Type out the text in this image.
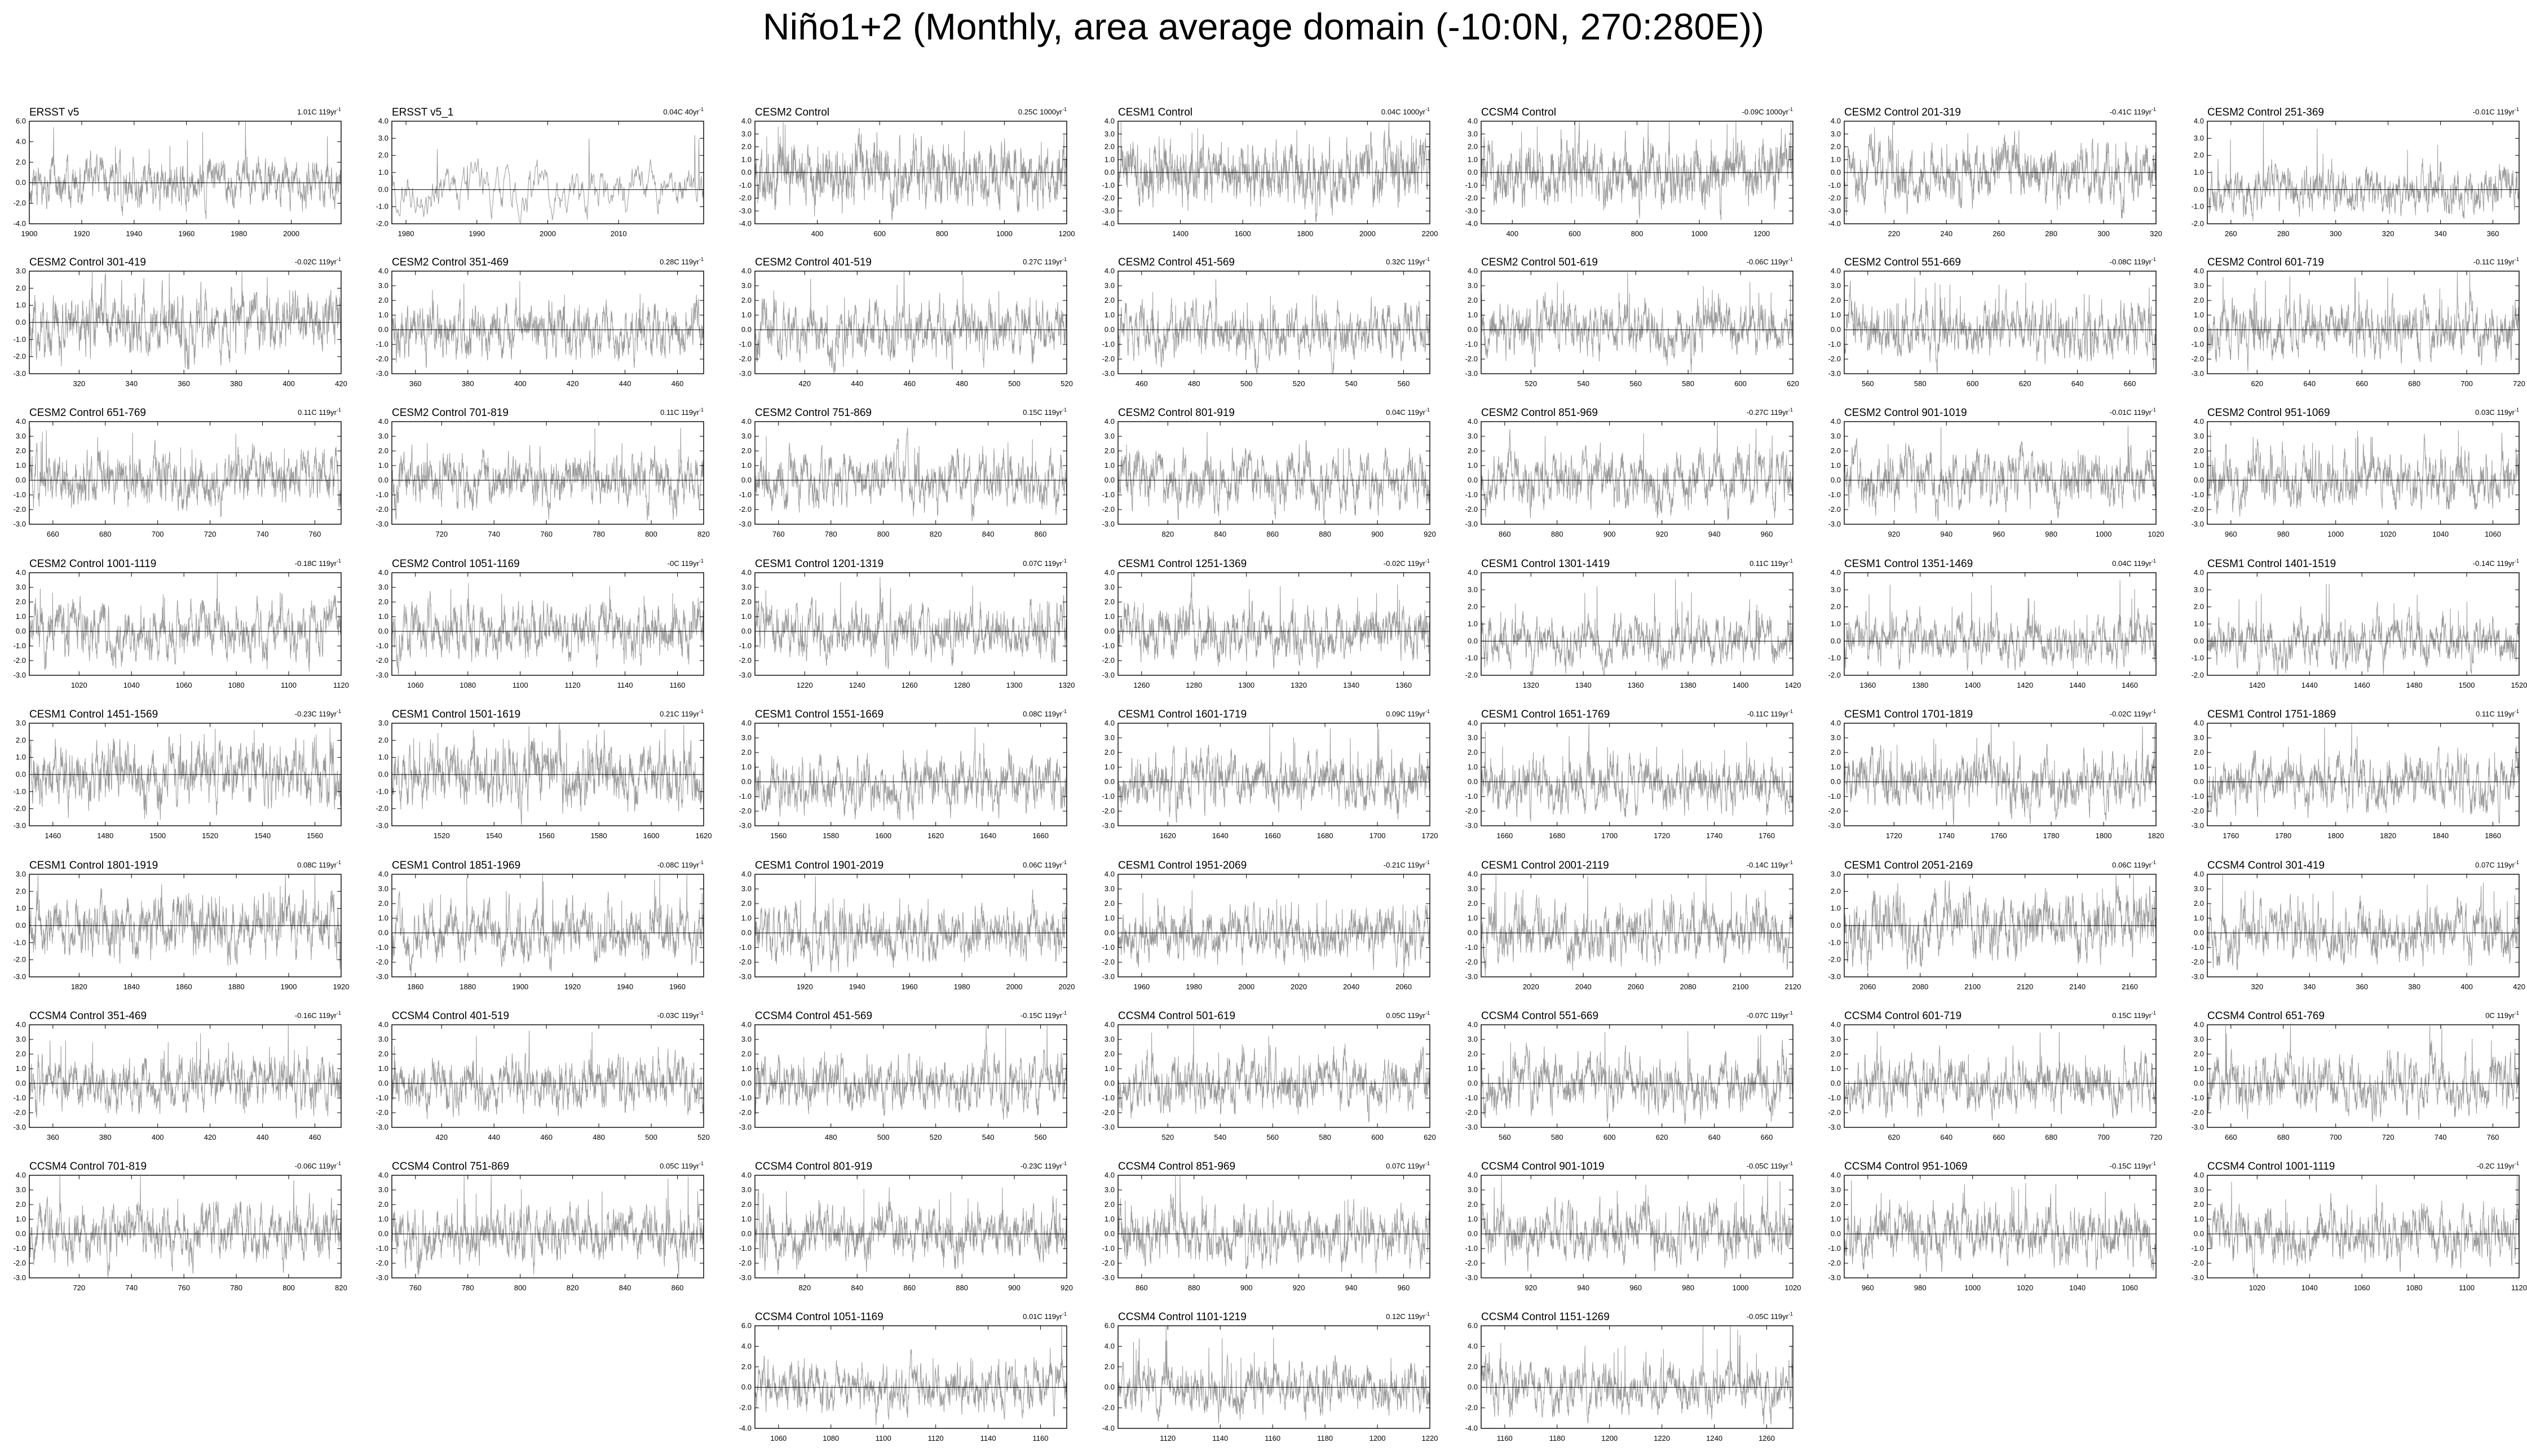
Niño1+2 (Monthly, area average domain (-10:0N, 270:280E))
ERSST v5	1.01C $119yr^{-1}$
-4.0
-2.0
0.0
2.0
4.0
6.0
1900	1920	1940	1960	1980	2000
ERSST v5_1	0.04C $40yr^{-1}$
-2.0
-1.0
0.0
1.0
2.0
3.0
4.0
1980	1990	2000	2010
CESM2 Control	0.25C $1000yr^{-1}$
-4.0
-3.0
-2.0
-1.0
0.0
1.0
2.0
3.0
4.0
400	600	800	1000	1200
CESM1 Control	0.04C $1000yr^{-1}$
-4.0
-3.0
-2.0
-1.0
0.0
1.0
2.0
3.0
4.0
1400	1600	1800	2000	2200
CCSM4 Control	-0.09C $1000yr^{-1}$
-4.0
-3.0
-2.0
-1.0
0.0
1.0
2.0
3.0
4.0
400	600	800	1000	1200
CESM2 Control 201-319	-0.41C $119yr^{-1}$
-4.0
-3.0
-2.0
-1.0
0.0
1.0
2.0
3.0
4.0
220	240	260	280	300	320
CESM2 Control 251-369	-0.01C $119yr^{-1}$
-2.0
-1.0
0.0
1.0
2.0
3.0
4.0
260	280	300	320	340	360
CESM2 Control 301-419	-0.02C $119yr^{-1}$
-3.0
-2.0
-1.0
0.0
1.0
2.0
3.0
320	340	360	380	400	420
CESM2 Control 351-469	0.28C $119yr^{-1}$
-3.0
-2.0
-1.0
0.0
1.0
2.0
3.0
4.0
360	380	400	420	440	460
CESM2 Control 401-519	0.27C $119yr^{-1}$
-3.0
-2.0
-1.0
0.0
1.0
2.0
3.0
4.0
420	440	460	480	500	520
CESM2 Control 451-569	0.32C $119yr^{-1}$
-3.0
-2.0
-1.0
0.0
1.0
2.0
3.0
4.0
460	480	500	520	540	560
CESM2 Control 501-619	-0.06C $119yr^{-1}$
-3.0
-2.0
-1.0
0.0
1.0
2.0
3.0
4.0
520	540	560	580	600	620
CESM2 Control 551-669	-0.08C $119yr^{-1}$
-3.0
-2.0
-1.0
0.0
1.0
2.0
3.0
4.0
560	580	600	620	640	660
CESM2 Control 601-719	-0.11C $119yr^{-1}$
-3.0
-2.0
-1.0
0.0
1.0
2.0
3.0
4.0
620	640	660	680	700	720
CESM2 Control 651-769	0.11C $119yr^{-1}$
-3.0
-2.0
-1.0
0.0
1.0
2.0
3.0
4.0
660	680	700	720	740	760
CESM2 Control 701-819	0.11C $119yr^{-1}$
-3.0
-2.0
-1.0
0.0
1.0
2.0
3.0
4.0
720	740	760	780	800	820
CESM2 Control 751-869	0.15C $119yr^{-1}$
-3.0
-2.0
-1.0
0.0
1.0
2.0
3.0
4.0
760	780	800	820	840	860
CESM2 Control 801-919	0.04C $119yr^{-1}$
-3.0
-2.0
-1.0
0.0
1.0
2.0
3.0
4.0
820	840	860	880	900	920
CESM2 Control 851-969	-0.27C $119yr^{-1}$
-3.0
-2.0
-1.0
0.0
1.0
2.0
3.0
4.0
860	880	900	920	940	960
CESM2 Control 901-1019	-0.01C $119yr^{-1}$
-3.0
-2.0
-1.0
0.0
1.0
2.0
3.0
4.0
920	940	960	980	1000	1020
CESM2 Control 951-1069	0.03C $119yr^{-1}$
-3.0
-2.0
-1.0
0.0
1.0
2.0
3.0
4.0
960	980	1000	1020	1040	1060
CESM2 Control 1001-1119	-0.18C $119yr^{-1}$
-3.0
-2.0
-1.0
0.0
1.0
2.0
3.0
4.0
1020	1040	1060	1080	1100	1120
CESM2 Control 1051-1169	-0C $119yr^{-1}$
-3.0
-2.0
-1.0
0.0
1.0
2.0
3.0
4.0
1060	1080	1100	1120	1140	1160
CESM1 Control 1201-1319	0.07C $119yr^{-1}$
-3.0
-2.0
-1.0
0.0
1.0
2.0
3.0
4.0
1220	1240	1260	1280	1300	1320
CESM1 Control 1251-1369	-0.02C $119yr^{-1}$
-3.0
-2.0
-1.0
0.0
1.0
2.0
3.0
4.0
1260	1280	1300	1320	1340	1360
CESM1 Control 1301-1419	0.11C $119yr^{-1}$
-2.0
-1.0
0.0
1.0
2.0
3.0
4.0
1320	1340	1360	1380	1400	1420
CESM1 Control 1351-1469	0.04C $119yr^{-1}$
-2.0
-1.0
0.0
1.0
2.0
3.0
4.0
1360	1380	1400	1420	1440	1460
CESM1 Control 1401-1519	-0.14C $119yr^{-1}$
-2.0
-1.0
0.0
1.0
2.0
3.0
4.0
1420	1440	1460	1480	1500	1520
CESM1 Control 1451-1569	-0.23C $119yr^{-1}$
-3.0
-2.0
-1.0
0.0
1.0
2.0
3.0
1460	1480	1500	1520	1540	1560
CESM1 Control 1501-1619	0.21C $119yr^{-1}$
-3.0
-2.0
-1.0
0.0
1.0
2.0
3.0
1520	1540	1560	1580	1600	1620
CESM1 Control 1551-1669	0.08C $119yr^{-1}$
-3.0
-2.0
-1.0
0.0
1.0
2.0
3.0
4.0
1560	1580	1600	1620	1640	1660
CESM1 Control 1601-1719	0.09C $119yr^{-1}$
-3.0
-2.0
-1.0
0.0
1.0
2.0
3.0
4.0
1620	1640	1660	1680	1700	1720
CESM1 Control 1651-1769	-0.11C $119yr^{-1}$
-3.0
-2.0
-1.0
0.0
1.0
2.0
3.0
4.0
1660	1680	1700	1720	1740	1760
CESM1 Control 1701-1819	-0.02C $119yr^{-1}$
-3.0
-2.0
-1.0
0.0
1.0
2.0
3.0
4.0
1720	1740	1760	1780	1800	1820
CESM1 Control 1751-1869	0.11C $119yr^{-1}$
-3.0
-2.0
-1.0
0.0
1.0
2.0
3.0
4.0
1760	1780	1800	1820	1840	1860
CESM1 Control 1801-1919	0.08C $119yr^{-1}$
-3.0
-2.0
-1.0
0.0
1.0
2.0
3.0
1820	1840	1860	1880	1900	1920
CESM1 Control 1851-1969	-0.08C $119yr^{-1}$
-3.0
-2.0
-1.0
0.0
1.0
2.0
3.0
4.0
1860	1880	1900	1920	1940	1960
CESM1 Control 1901-2019	0.06C $119yr^{-1}$
-3.0
-2.0
-1.0
0.0
1.0
2.0
3.0
4.0
1920	1940	1960	1980	2000	2020
CESM1 Control 1951-2069	-0.21C $119yr^{-1}$
-3.0
-2.0
-1.0
0.0
1.0
2.0
3.0
4.0
1960	1980	2000	2020	2040	2060
CESM1 Control 2001-2119	-0.14C $119yr^{-1}$
-3.0
-2.0
-1.0
0.0
1.0
2.0
3.0
4.0
2020	2040	2060	2080	2100	2120
CESM1 Control 2051-2169	0.06C $119yr^{-1}$
-3.0
-2.0
-1.0
0.0
1.0
2.0
3.0
2060	2080	2100	2120	2140	2160
CCSM4 Control 301-419	0.07C $119yr^{-1}$
-3.0
-2.0
-1.0
0.0
1.0
2.0
3.0
4.0
320	340	360	380	400	420
CCSM4 Control 351-469	-0.16C $119yr^{-1}$
-3.0
-2.0
-1.0
0.0
1.0
2.0
3.0
4.0
360	380	400	420	440	460
CCSM4 Control 401-519	-0.03C $119yr^{-1}$
-3.0
-2.0
-1.0
0.0
1.0
2.0
3.0
4.0
420	440	460	480	500	520
CCSM4 Control 451-569	-0.15C $119yr^{-1}$
-3.0
-2.0
-1.0
0.0
1.0
2.0
3.0
4.0
480	500	520	540	560
CCSM4 Control 501-619	0.05C $119yr^{-1}$
-3.0
-2.0
-1.0
0.0
1.0
2.0
3.0
4.0
520	540	560	580	600	620
CCSM4 Control 551-669	-0.07C $119yr^{-1}$
-3.0
-2.0
-1.0
0.0
1.0
2.0
3.0
4.0
560	580	600	620	640	660
CCSM4 Control 601-719	0.15C $119yr^{-1}$
-3.0
-2.0
-1.0
0.0
1.0
2.0
3.0
4.0
620	640	660	680	700	720
CCSM4 Control 651-769	0C $119yr^{-1}$
-3.0
-2.0
-1.0
0.0
1.0
2.0
3.0
4.0
660	680	700	720	740	760
CCSM4 Control 701-819	-0.06C $119yr^{-1}$
-3.0
-2.0
-1.0
0.0
1.0
2.0
3.0
4.0
720	740	760	780	800	820
CCSM4 Control 751-869	0.05C $119yr^{-1}$
-3.0
-2.0
-1.0
0.0
1.0
2.0
3.0
4.0
760	780	800	820	840	860
CCSM4 Control 801-919	-0.23C $119yr^{-1}$
-3.0
-2.0
-1.0
0.0
1.0
2.0
3.0
4.0
820	840	860	880	900	920
CCSM4 Control 851-969	0.07C $119yr^{-1}$
-3.0
-2.0
-1.0
0.0
1.0
2.0
3.0
4.0
860	880	900	920	940	960
CCSM4 Control 901-1019	-0.05C $119yr^{-1}$
-3.0
-2.0
-1.0
0.0
1.0
2.0
3.0
4.0
920	940	960	980	1000	1020
CCSM4 Control 951-1069	-0.15C $119yr^{-1}$
-3.0
-2.0
-1.0
0.0
1.0
2.0
3.0
4.0
960	980	1000	1020	1040	1060
CCSM4 Control 1001-1119	-0.2C $119yr^{-1}$
-3.0
-2.0
-1.0
0.0
1.0
2.0
3.0
4.0
1020	1040	1060	1080	1100	1120
CCSM4 Control 1051-1169	0.01C $119yr^{-1}$
-4.0
-2.0
0.0
2.0
4.0
6.0
1060	1080	1100	1120	1140	1160
CCSM4 Control 1101-1219	0.12C $119yr^{-1}$
-4.0
-2.0
0.0
2.0
4.0
6.0
1120	1140	1160	1180	1200	1220
CCSM4 Control 1151-1269	-0.05C $119yr^{-1}$
-4.0
-2.0
0.0
2.0
4.0
6.0
1160	1180	1200	1220	1240	1260
